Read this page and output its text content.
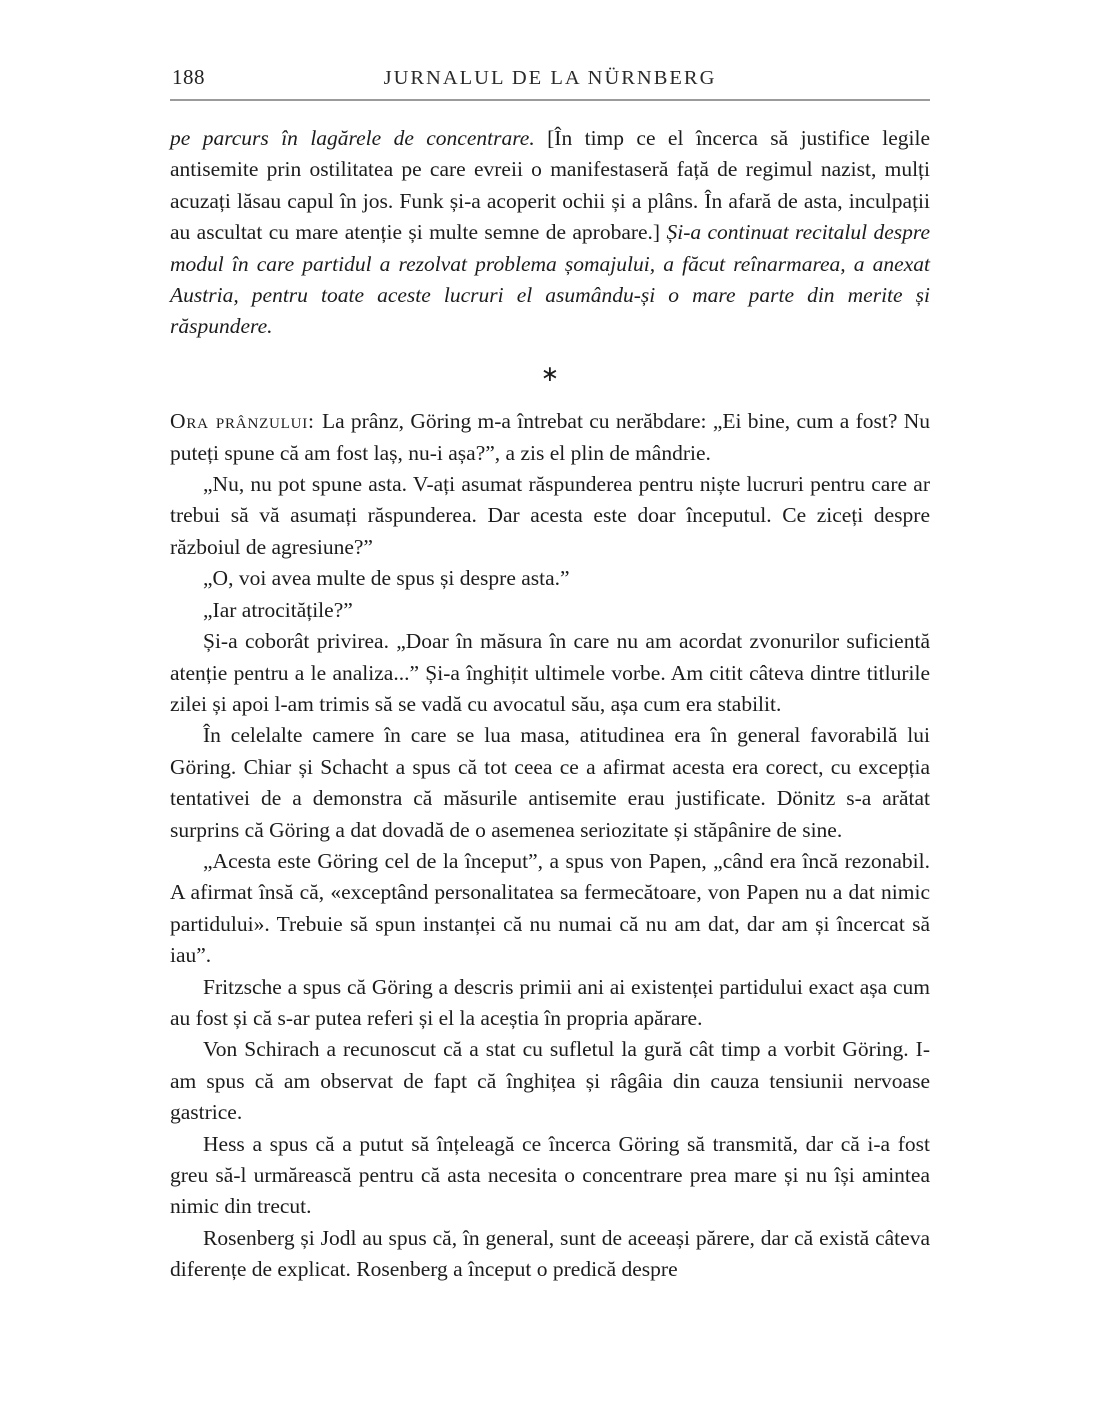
188	JURNALUL DE LA NÜRNBERG

pe parcurs în lagărele de concentrare. [În timp ce el încerca să justifice legile antisemite prin ostilitatea pe care evreii o manifestaseră față de regimul nazist, mulți acuzați lăsau capul în jos. Funk și-a acoperit ochii și a plâns. În afară de asta, inculpații au ascultat cu mare atenție și multe semne de aprobare.] Și-a continuat recitalul despre modul în care partidul a rezolvat problema șomajului, a făcut reînarmarea, a anexat Austria, pentru toate aceste lucruri el asumându-și o mare parte din merite și răspundere.

∗

Ora prânzului: La prânz, Göring m-a întrebat cu nerăbdare: „Ei bine, cum a fost? Nu puteți spune că am fost laș, nu-i așa?”, a zis el plin de mândrie.

„Nu, nu pot spune asta. V-ați asumat răspunderea pentru niște lucruri pentru care ar trebui să vă asumați răspunderea. Dar acesta este doar începutul. Ce ziceți despre războiul de agresiune?”

„O, voi avea multe de spus și despre asta.”

„Iar atrocitățile?”

Și-a coborât privirea. „Doar în măsura în care nu am acordat zvonurilor suficientă atenție pentru a le analiza...” Și-a înghițit ultimele vorbe. Am citit câteva dintre titlurile zilei și apoi l-am trimis să se vadă cu avocatul său, așa cum era stabilit.

În celelalte camere în care se lua masa, atitudinea era în general favorabilă lui Göring. Chiar și Schacht a spus că tot ceea ce a afirmat acesta era corect, cu excepția tentativei de a demonstra că măsurile antisemite erau justificate. Dönitz s-a arătat surprins că Göring a dat dovadă de o asemenea seriozitate și stăpânire de sine.

„Acesta este Göring cel de la început”, a spus von Papen, „când era încă rezonabil. A afirmat însă că, «exceptând personalitatea sa fermecătoare, von Papen nu a dat nimic partidului». Trebuie să spun instanței că nu numai că nu am dat, dar am și încercat să iau”.

Fritzsche a spus că Göring a descris primii ani ai existenței partidului exact așa cum au fost și că s-ar putea referi și el la aceștia în propria apărare.

Von Schirach a recunoscut că a stat cu sufletul la gură cât timp a vorbit Göring. I-am spus că am observat de fapt că înghițea și râgâia din cauza tensiunii nervoase gastrice.

Hess a spus că a putut să înțeleagă ce încerca Göring să transmită, dar că i-a fost greu să-l urmărească pentru că asta necesita o concentrare prea mare și nu își amintea nimic din trecut.

Rosenberg și Jodl au spus că, în general, sunt de aceeași părere, dar că există câteva diferențe de explicat. Rosenberg a început o predică despre
